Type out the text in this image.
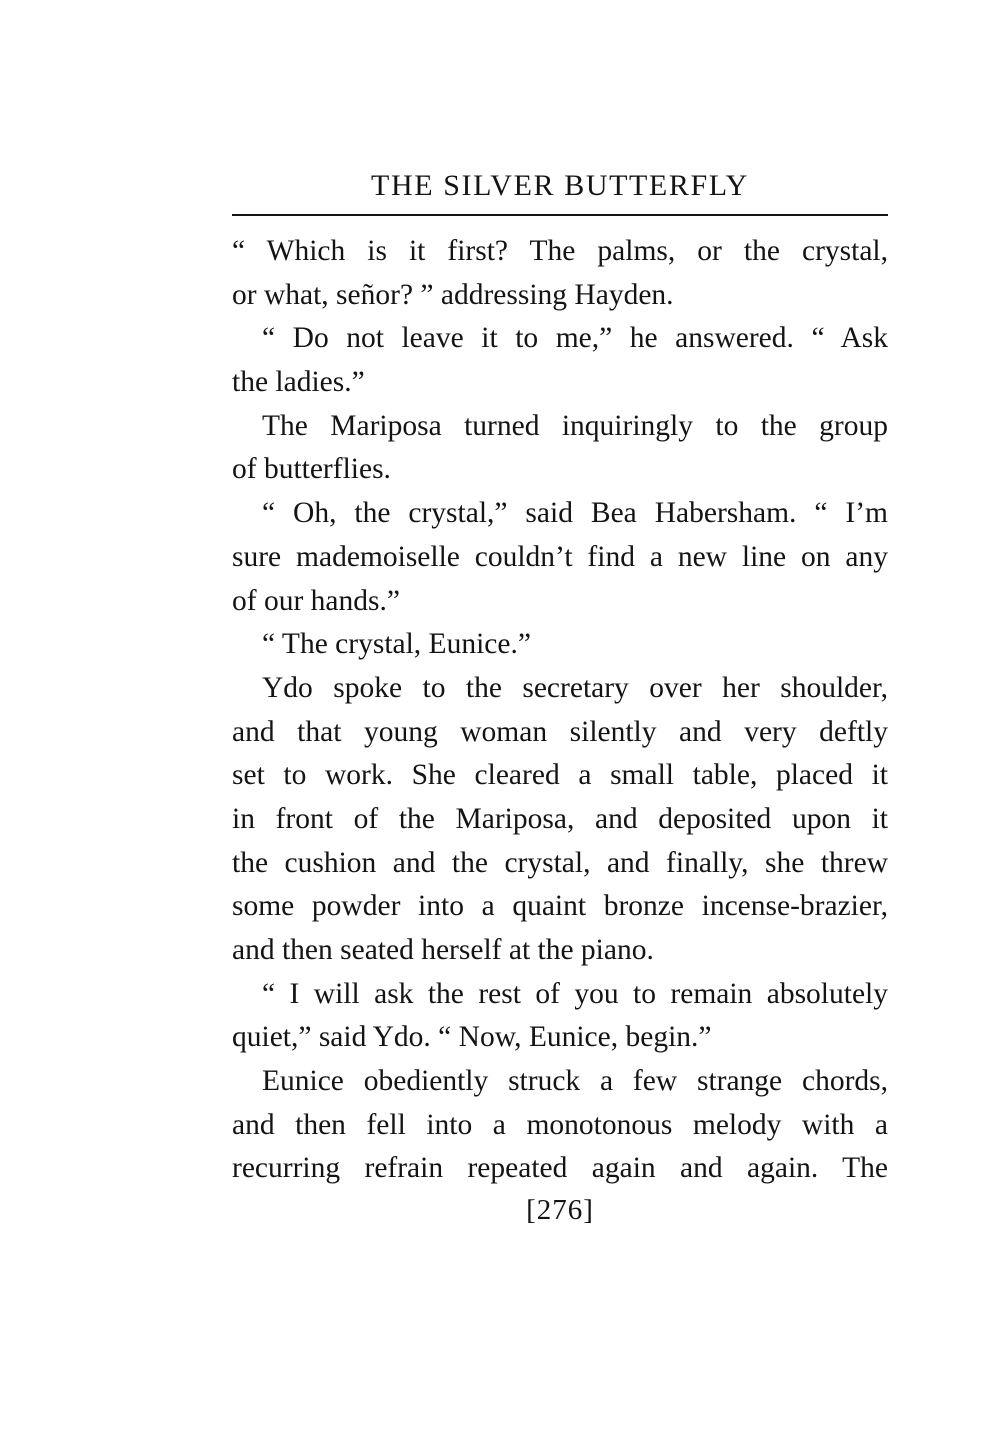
THE SILVER BUTTERFLY
“ Which is it first? The palms, or the crystal,
or what, señor? ” addressing Hayden.
“ Do not leave it to me,” he answered. “ Ask
the ladies.”
The Mariposa turned inquiringly to the group
of butterflies.
“ Oh, the crystal,” said Bea Habersham. “ I’m
sure mademoiselle couldn’t find a new line on any
of our hands.”
“ The crystal, Eunice.”
Ydo spoke to the secretary over her shoulder,
and that young woman silently and very deftly
set to work. She cleared a small table, placed it
in front of the Mariposa, and deposited upon it
the cushion and the crystal, and finally, she threw
some powder into a quaint bronze incense-brazier,
and then seated herself at the piano.
“ I will ask the rest of you to remain absolutely
quiet,” said Ydo. “ Now, Eunice, begin.”
Eunice obediently struck a few strange chords,
and then fell into a monotonous melody with a
recurring refrain repeated again and again. The
[276]
